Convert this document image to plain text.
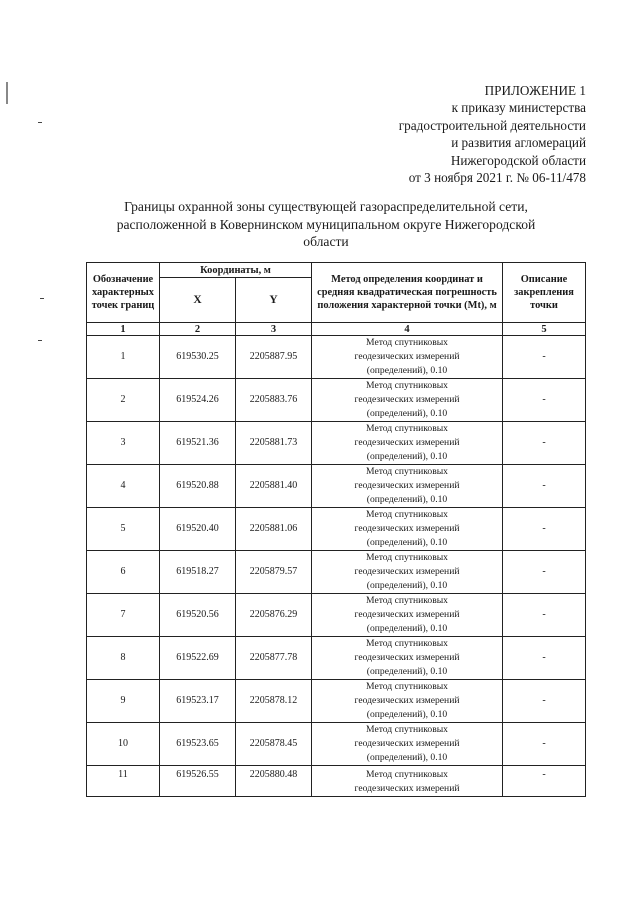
ПРИЛОЖЕНИЕ 1
к приказу министерства
градостроительной деятельности
и развития агломераций
Нижегородской области
от 3 ноября 2021 г. № 06-11/478
Границы охранной зоны существующей газораспределительной сети,
расположенной в Ковернинском муниципальном округе Нижегородской
области
Обозначение характерных точек границ	Координаты, м		Метод определения координат и средняя квадратическая погрешность положения характерной точки (Mt), м	Описание закрепления точки
	X	Y		
1	2	3	4	5
1	619530.25	2205887.95	Метод спутниковых
геодезических измерений
(определений), 0.10	-
2	619524.26	2205883.76	Метод спутниковых
геодезических измерений
(определений), 0.10	-
3	619521.36	2205881.73	Метод спутниковых
геодезических измерений
(определений), 0.10	-
4	619520.88	2205881.40	Метод спутниковых
геодезических измерений
(определений), 0.10	-
5	619520.40	2205881.06	Метод спутниковых
геодезических измерений
(определений), 0.10	-
6	619518.27	2205879.57	Метод спутниковых
геодезических измерений
(определений), 0.10	-
7	619520.56	2205876.29	Метод спутниковых
геодезических измерений
(определений), 0.10	-
8	619522.69	2205877.78	Метод спутниковых
геодезических измерений
(определений), 0.10	-
9	619523.17	2205878.12	Метод спутниковых
геодезических измерений
(определений), 0.10	-
10	619523.65	2205878.45	Метод спутниковых
геодезических измерений
(определений), 0.10	-
11	619526.55	2205880.48	Метод спутниковых
геодезических измерений	-
